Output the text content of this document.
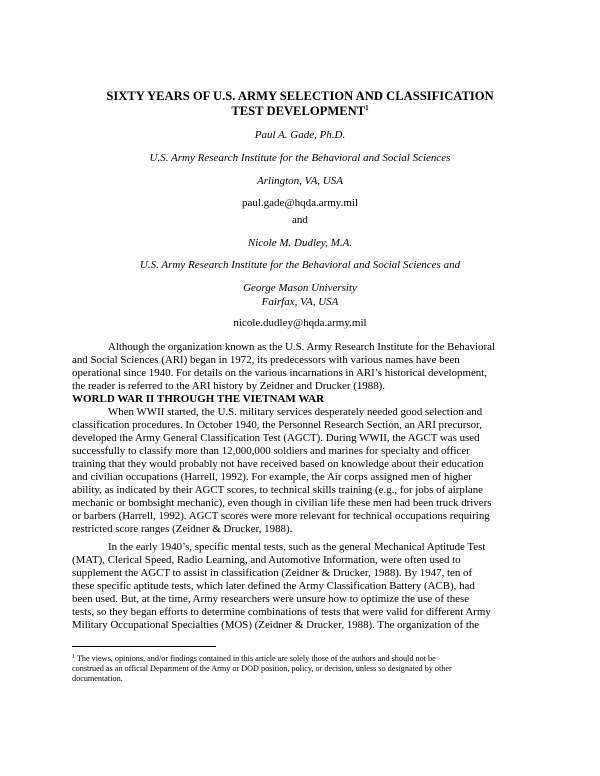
SIXTY YEARS OF U.S. ARMY SELECTION AND CLASSIFICATION
TEST DEVELOPMENT$^1$
Paul A. Gade, Ph.D.
U.S. Army Research Institute for the Behavioral and Social Sciences
Arlington, VA, USA
paul.gade@hqda.army.mil
and
Nicole M. Dudley, M.A.
U.S. Army Research Institute for the Behavioral and Social Sciences and
George Mason University
Fairfax, VA, USA
nicole.dudley@hqda.army.mil

Although the organization known as the U.S. Army Research Institute for the Behavioral
and Social Sciences (ARI) began in 1972, its predecessors with various names have been
operational since 1940. For details on the various incarnations in ARI’s historical development,
the reader is referred to the ARI history by Zeidner and Drucker (1988).

WORLD WAR II THROUGH THE VIETNAM WAR

When WWII started, the U.S. military services desperately needed good selection and
classification procedures. In October 1940, the Personnel Research Section, an ARI precursor,
developed the Army General Classification Test (AGCT). During WWII, the AGCT was used
successfully to classify more than 12,000,000 soldiers and marines for specialty and officer
training that they would probably not have received based on knowledge about their education
and civilian occupations (Harrell, 1992). For example, the Air corps assigned men of higher
ability, as indicated by their AGCT scores, to technical skills training (e.g., for jobs of airplane
mechanic or bombsight mechanic), even though in civilian life these men had been truck drivers
or barbers (Harrell, 1992). AGCT scores were more relevant for technical occupations requiring
restricted score ranges (Zeidner & Drucker, 1988).

In the early 1940’s, specific mental tests, such as the general Mechanical Aptitude Test
(MAT), Clerical Speed, Radio Learning, and Automotive Information, were often used to
supplement the AGCT to assist in classification (Zeidner & Drucker, 1988). By 1947, ten of
these specific aptitude tests, which later defined the Army Classification Battery (ACB), had
been used. But, at the time, Army researchers were unsure how to optimize the use of these
tests, so they began efforts to determine combinations of tests that were valid for different Army
Military Occupational Specialties (MOS) (Zeidner & Drucker, 1988). The organization of the

$^1$ The views, opinions, and/or findings contained in this article are solely those of the authors and should not be
construed as an official Department of the Army or DOD position, policy, or decision, unless so designated by other
documentation.
